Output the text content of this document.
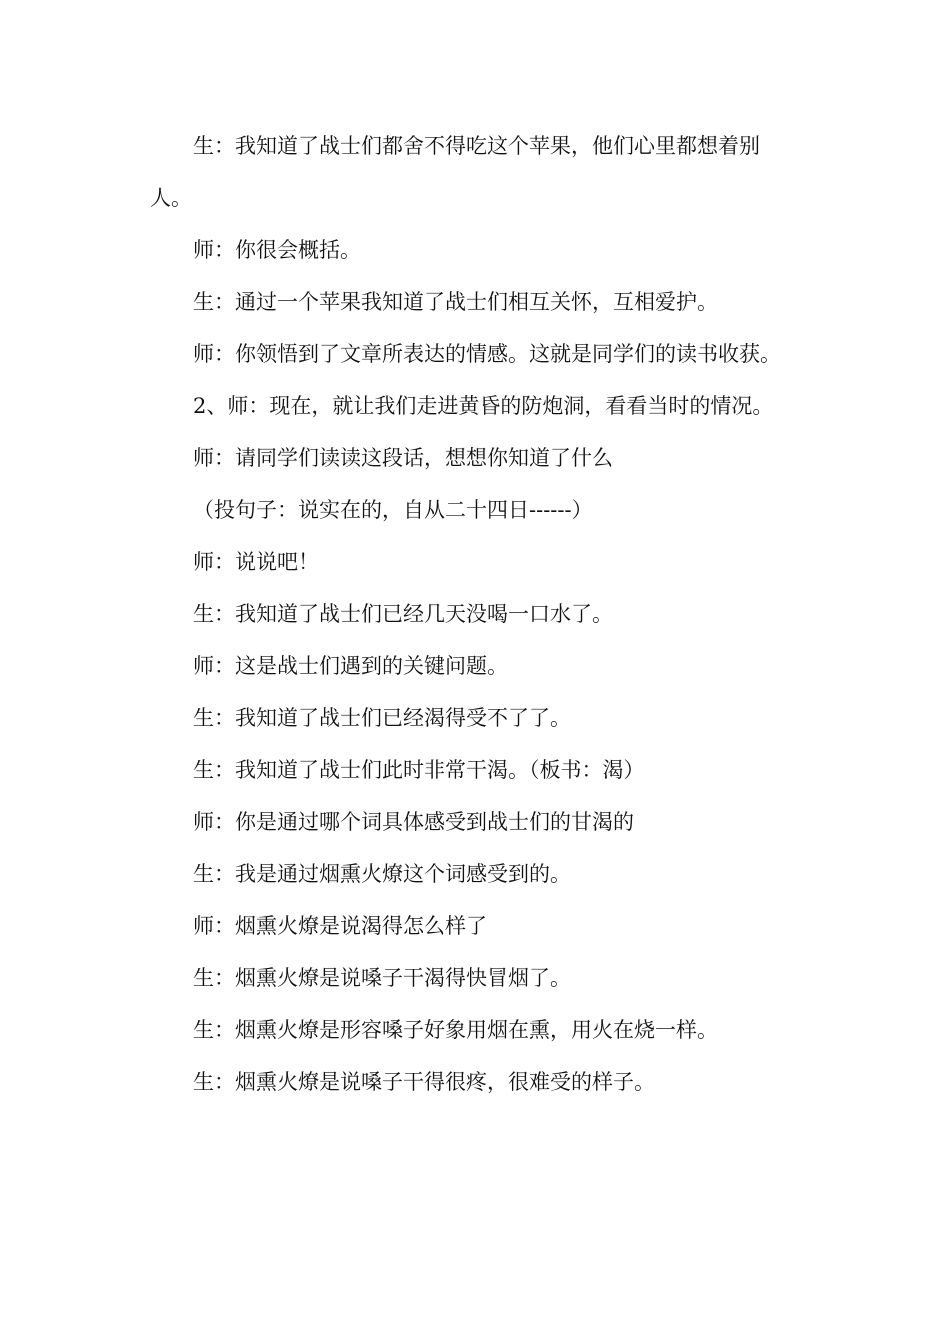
生：我知道了战士们都舍不得吃这个苹果，他们心里都想着别人。

师：你很会概括。

生：通过一个苹果我知道了战士们相互关怀，互相爱护。

师：你领悟到了文章所表达的情感。这就是同学们的读书收获。

2、师：现在，就让我们走进黄昏的防炮洞，看看当时的情况。

师：请同学们读读这段话，想想你知道了什么

（投句子：说实在的，自从二十四日------）

师：说说吧！

生：我知道了战士们已经几天没喝一口水了。

师：这是战士们遇到的关键问题。

生：我知道了战士们已经渴得受不了了。

生：我知道了战士们此时非常干渴。（板书：渴）

师：你是通过哪个词具体感受到战士们的甘渴的

生：我是通过烟熏火燎这个词感受到的。

师：烟熏火燎是说渴得怎么样了

生：烟熏火燎是说嗓子干渴得快冒烟了。

生：烟熏火燎是形容嗓子好象用烟在熏，用火在烧一样。

生：烟熏火燎是说嗓子干得很疼，很难受的样子。
